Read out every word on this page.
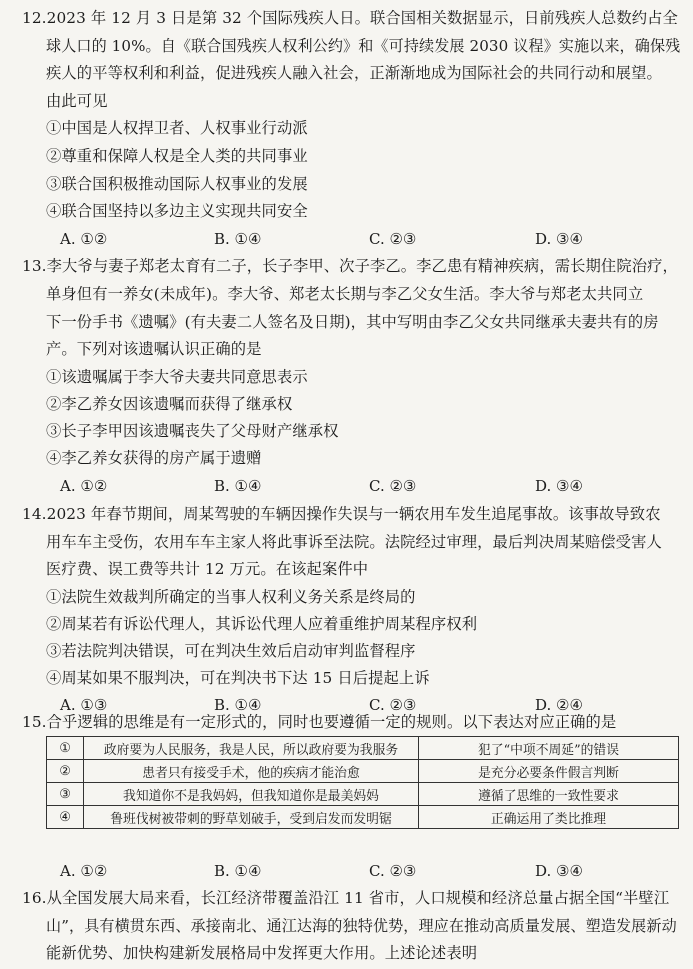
12.2023 年 12 月 3 日是第 32 个国际残疾人日。联合国相关数据显示，日前残疾人总数约占全
球人口的 10%。自《联合国残疾人权利公约》和《可持续发展 2030 议程》实施以来，确保残
疾人的平等权利和利益，促进残疾人融入社会，正渐渐地成为国际社会的共同行动和展望。
由此可见
①中国是人权捍卫者、人权事业行动派
②尊重和保障人权是全人类的共同事业
③联合国积极推动国际人权事业的发展
④联合国坚持以多边主义实现共同安全
A. ①②	B. ①④	C. ②③	D. ③④
13.李大爷与妻子郑老太育有二子，长子李甲、次子李乙。李乙患有精神疾病，需长期住院治疗，
单身但有一养女(未成年)。李大爷、郑老太长期与李乙父女生活。李大爷与郑老太共同立
下一份手书《遗嘱》(有夫妻二人签名及日期)，其中写明由李乙父女共同继承夫妻共有的房
产。下列对该遗嘱认识正确的是
①该遗嘱属于李大爷夫妻共同意思表示
②李乙养女因该遗嘱而获得了继承权
③长子李甲因该遗嘱丧失了父母财产继承权
④李乙养女获得的房产属于遗赠
A. ①②	B. ①④	C. ②③	D. ③④
14.2023 年春节期间，周某驾驶的车辆因操作失误与一辆农用车发生追尾事故。该事故导致农
用车车主受伤，农用车车主家人将此事诉至法院。法院经过审理，最后判决周某赔偿受害人
医疗费、误工费等共计 12 万元。在该起案件中
①法院生效裁判所确定的当事人权利义务关系是终局的
②周某若有诉讼代理人，其诉讼代理人应着重维护周某程序权利
③若法院判决错误，可在判决生效后启动审判监督程序
④周某如果不服判决，可在判决书下达 15 日后提起上诉
A. ①③	B. ①④	C. ②③	D. ②④
15.合乎逻辑的思维是有一定形式的，同时也要遵循一定的规则。以下表达对应正确的是
①	政府要为人民服务，我是人民，所以政府要为我服务	犯了“中项不周延”的错误
②	患者只有接受手术，他的疾病才能治愈	是充分必要条件假言判断
③	我知道你不是我妈妈，但我知道你是最美妈妈	遵循了思维的一致性要求
④	鲁班伐树被带刺的野草划破手，受到启发而发明锯	正确运用了类比推理
A. ①②	B. ①④	C. ②③	D. ③④
16.从全国发展大局来看，长江经济带覆盖沿江 11 省市，人口规模和经济总量占据全国“半壁江
山”，具有横贯东西、承接南北、通江达海的独特优势，理应在推动高质量发展、塑造发展新动
能新优势、加快构建新发展格局中发挥更大作用。上述论述表明
